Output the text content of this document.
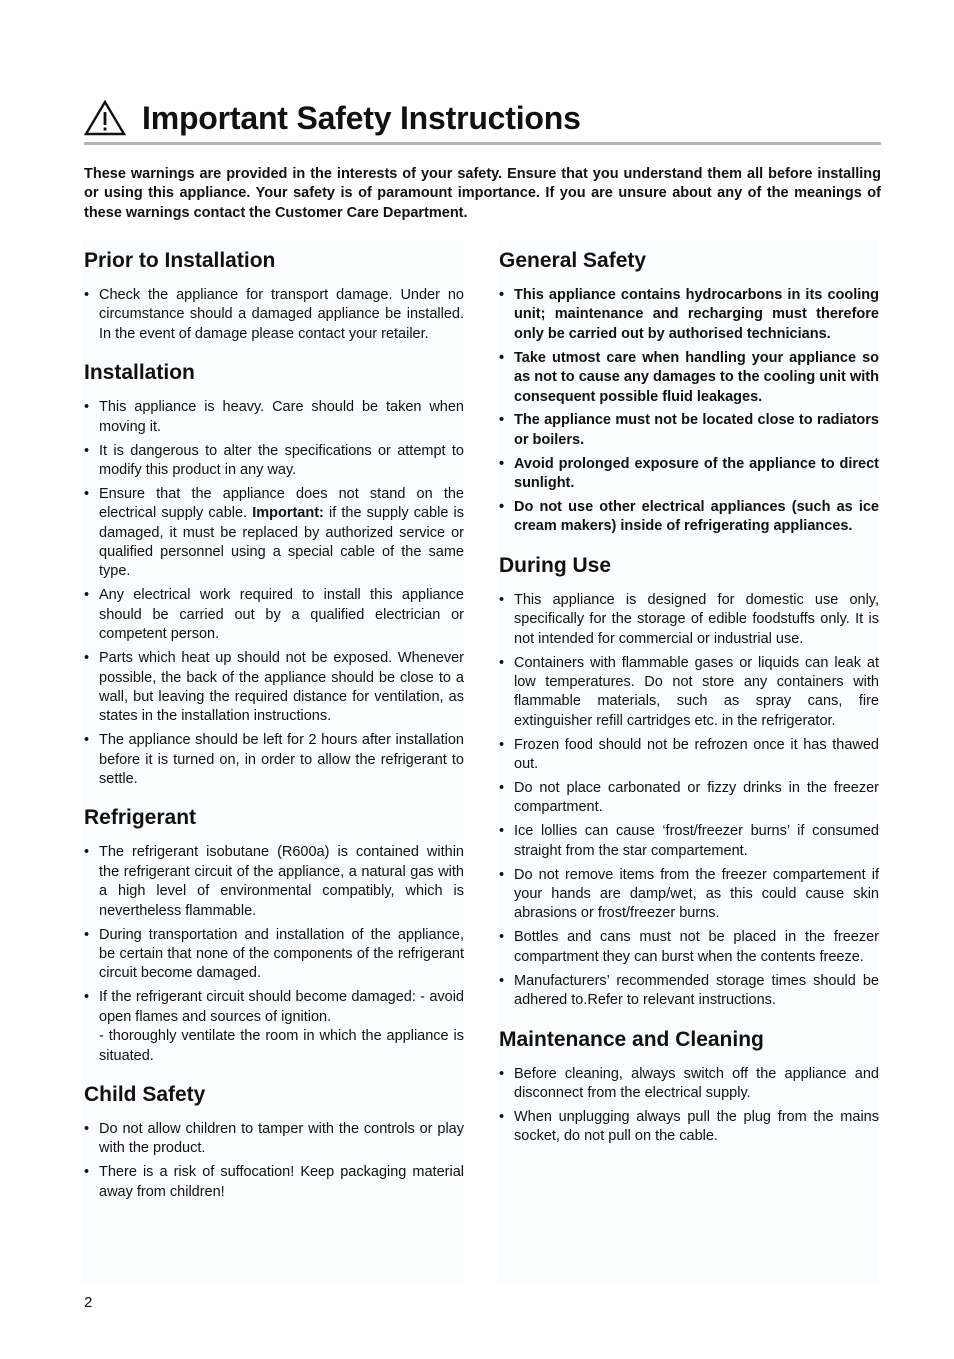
Important Safety Instructions
These warnings are provided in the interests of your safety. Ensure that you understand them all before installing or using this appliance. Your safety is of paramount importance. If you are unsure about any of the meanings of these warnings contact the Customer Care Department.
Prior to Installation
• Check the appliance for transport damage. Under no circumstance should a damaged appliance be installed. In the event of damage please contact your retailer.
Installation
• This appliance is heavy. Care should be taken when moving it.
• It is dangerous to alter the specifications or attempt to modify this product in any way.
• Ensure that the appliance does not stand on the electrical supply cable. Important: if the supply cable is damaged, it must be replaced by authorized service or qualified personnel using a special cable of the same type.
• Any electrical work required to install this appliance should be carried out by a qualified electrician or competent person.
• Parts which heat up should not be exposed. Whenever possible, the back of the appliance should be close to a wall, but leaving the required distance for ventilation, as states in the installation instructions.
• The appliance should be left for 2 hours after installation before it is turned on, in order to allow the refrigerant to settle.
Refrigerant
• The refrigerant isobutane (R600a) is contained within the refrigerant circuit of the appliance, a natural gas with a high level of environmental compatibly, which is nevertheless flammable.
• During transportation and installation of the appliance, be certain that none of the components of the refrigerant circuit become damaged.
• If the refrigerant circuit should become damaged: - avoid open flames and sources of ignition.
- thoroughly ventilate the room in which the appliance is situated.
Child Safety
• Do not allow children to tamper with the controls or play with the product.
• There is a risk of suffocation! Keep packaging material away from children!
General Safety
• This appliance contains hydrocarbons in its cooling unit; maintenance and recharging must therefore only be carried out by authorised technicians.
• Take utmost care when handling your appliance so as not to cause any damages to the cooling unit with consequent possible fluid leakages.
• The appliance must not be located close to radiators or boilers.
• Avoid prolonged exposure of the appliance to direct sunlight.
• Do not use other electrical appliances (such as ice cream makers) inside of refrigerating appliances.
During Use
• This appliance is designed for domestic use only, specifically for the storage of edible foodstuffs only. It is not intended for commercial or industrial use.
• Containers with flammable gases or liquids can leak at low temperatures. Do not store any containers with flammable materials, such as spray cans, fire extinguisher refill cartridges etc. in the refrigerator.
• Frozen food should not be refrozen once it has thawed out.
• Do not place carbonated or fizzy drinks in the freezer compartment.
• Ice lollies can cause ‘frost/freezer burns’ if consumed straight from the star compartement.
• Do not remove items from the freezer compartement if your hands are damp/wet, as this could cause skin abrasions or frost/freezer burns.
• Bottles and cans must not be placed in the freezer compartment they can burst when the contents freeze.
• Manufacturers’ recommended storage times should be adhered to.Refer to relevant instructions.
Maintenance and Cleaning
• Before cleaning, always switch off the appliance and disconnect from the electrical supply.
• When unplugging always pull the plug from the mains socket, do not pull on the cable.
2
